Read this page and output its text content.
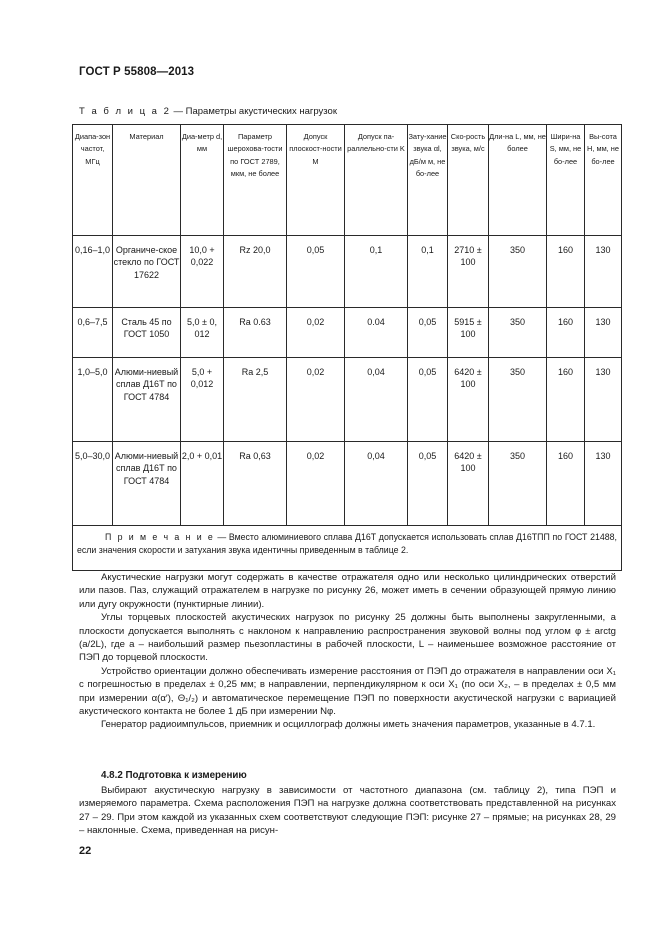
ГОСТ Р 55808—2013
Т а б л и ц а 2 — Параметры акустических нагрузок
Диапа-зон частот, МГц	Материал	Диа-метр d, мм	Параметр шерохова-тости по ГОСТ 2789, мкм, не более	Допуск плоскост-ности M	Допуск па-раллельно-сти K	Зату-хание звука αl, дБ/м м, не бо-лее	Ско-рость звука, м/с	Дли-на L, мм, не более	Шири-на S, мм, не бо-лее	Вы-сота H, мм, не бо-лее
0,16–1,0	Органиче-ское стекло по ГОСТ 17622	10,0 + 0,022	Rz 20,0	0,05	0,1	0,1	2710 ± 100	350	160	130
0,6–7,5	Сталь 45 по ГОСТ 1050	5,0 ± 0, 012	Ra 0.63	0,02	0.04	0,05	5915 ± 100	350	160	130
1,0–5,0	Алюми-ниевый сплав Д16Т по ГОСТ 4784	5,0 + 0,012	Ra 2,5	0,02	0,04	0,05	6420 ± 100	350	160	130
5,0–30,0	Алюми-ниевый сплав Д16Т по ГОСТ 4784	2,0 + 0,01	Ra 0,63	0,02	0,04	0,05	6420 ± 100	350	160	130
П р и м е ч а н и е — Вместо алюминиевого сплава Д16Т допускается использовать сплав Д16ТПП по ГОСТ 21488, если значения скорости и затухания звука идентичны приведенным в таблице 2.										

Акустические нагрузки могут содержать в качестве отражателя одно или несколько цилиндрических отверстий или пазов. Паз, служащий отражателем в нагрузке по рисунку 26, может иметь в сечении образующей прямую линию или дугу окружности (пунктирные линии).

Углы торцевых плоскостей акустических нагрузок по рисунку 25 должны быть выполнены закругленными, а плоскости допускается выполнять с наклоном к направлению распространения звуковой волны под углом φ ± arctg (a/2L), где a – наибольший размер пьезопластины в рабочей плоскости, L – наименьшее возможное расстояние от ПЭП до торцевой плоскости.

Устройство ориентации должно обеспечивать измерение расстояния от ПЭП до отражателя в направлении оси X₁ с погрешностью в пределах ± 0,25 мм; в направлении, перпендикулярном к оси X₁ (по оси X₂, – в пределах ± 0,5 мм при измерении α(α′), Θ₁/₂) и автоматическое перемещение ПЭП по поверхности акустической нагрузки с вариацией акустического контакта не более 1 дБ при измерении Nφ.

Генератор радиоимпульсов, приемник и осциллограф должны иметь значения параметров, указанные в 4.7.1.

4.8.2 Подготовка к измерению

Выбирают акустическую нагрузку в зависимости от частотного диапазона (см. таблицу 2), типа ПЭП и измеряемого параметра. Схема расположения ПЭП на нагрузке должна соответствовать представленной на рисунках 27 – 29. При этом каждой из указанных схем соответствуют следующие ПЭП: рисунке 27 – прямые; на рисунках 28, 29 – наклонные. Схема, приведенная на рисун-

22
